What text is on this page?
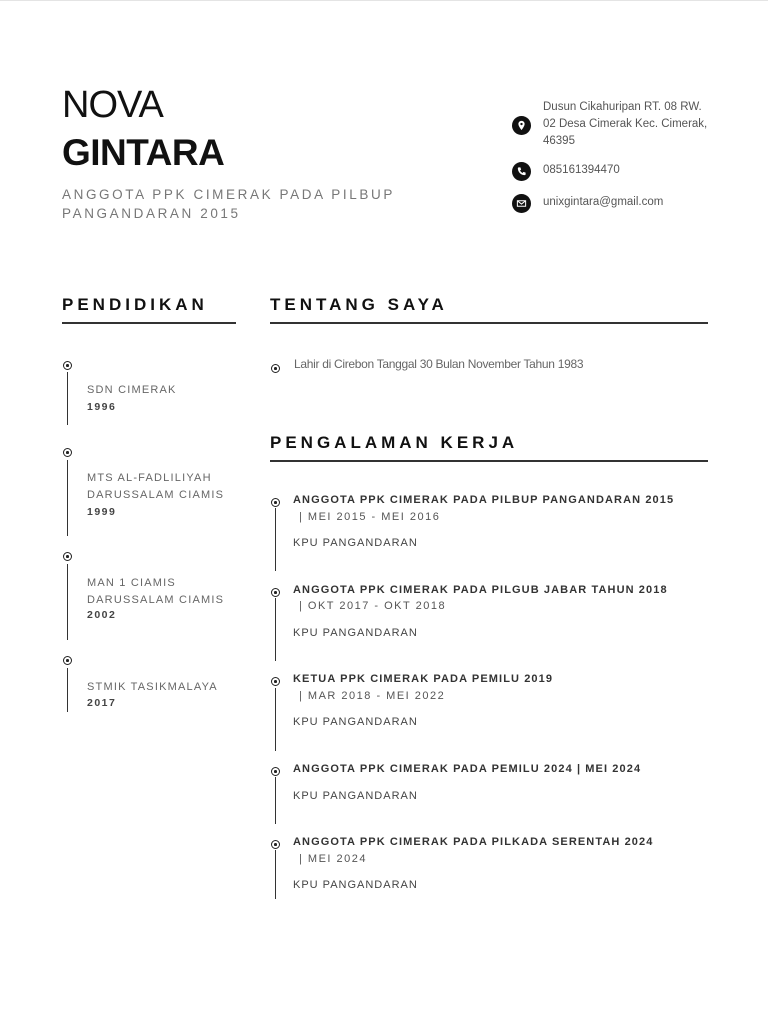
NOVA
GINTARA
ANGGOTA PPK CIMERAK PADA PILBUP PANGANDARAN 2015
Dusun Cikahuripan RT. 08 RW. 02 Desa Cimerak Kec. Cimerak, 46395
085161394470
unixgintara@gmail.com
PENDIDIKAN
SDN CIMERAK
1996
MTS AL-FADLILIYAH DARUSSALAM CIAMIS
1999
MAN 1 CIAMIS DARUSSALAM CIAMIS
2002
STMIK TASIKMALAYA
2017
TENTANG SAYA
Lahir di Cirebon Tanggal 30 Bulan November Tahun 1983
PENGALAMAN KERJA
ANGGOTA PPK CIMERAK PADA PILBUP PANGANDARAN 2015
| MEI 2015 - MEI 2016
KPU PANGANDARAN
ANGGOTA PPK CIMERAK PADA PILGUB JABAR TAHUN 2018
| OKT 2017 - OKT 2018
KPU PANGANDARAN
KETUA PPK CIMERAK PADA PEMILU 2019
| MAR 2018 - MEI 2022
KPU PANGANDARAN
ANGGOTA PPK CIMERAK PADA PEMILU 2024 | MEI 2024
KPU PANGANDARAN
ANGGOTA PPK CIMERAK PADA PILKADA SERENTAH 2024
| MEI 2024
KPU PANGANDARAN
